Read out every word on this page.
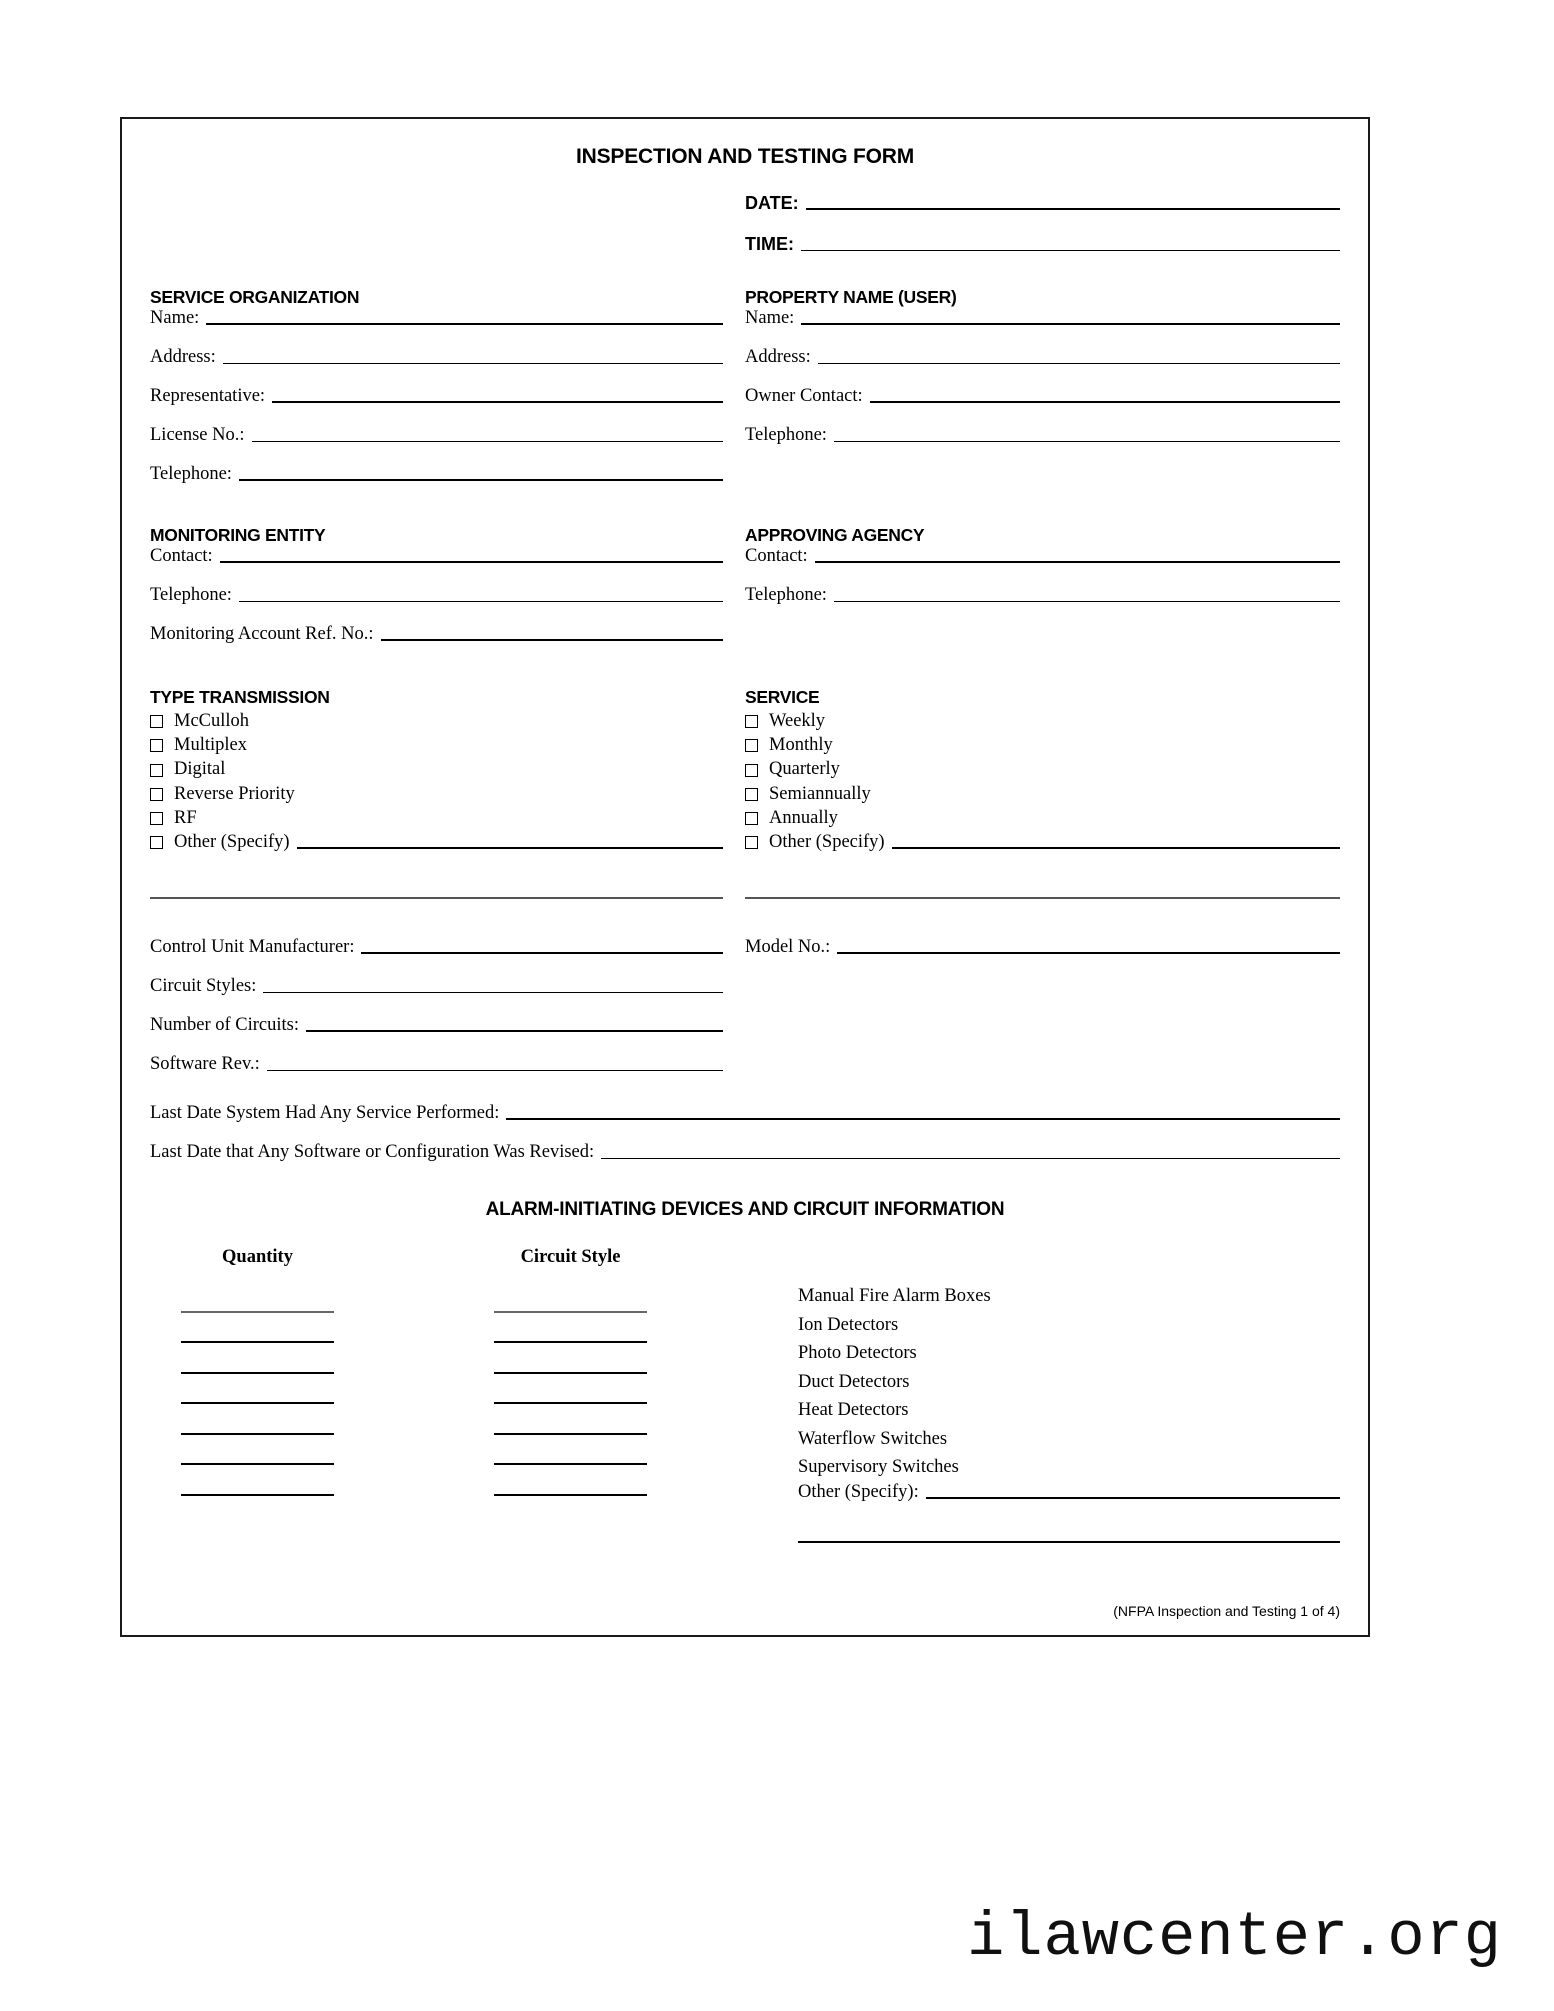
INSPECTION AND TESTING FORM
DATE:
TIME:
SERVICE ORGANIZATION
Name:
Address:
Representative:
License No.:
Telephone:
PROPERTY NAME (USER)
Name:
Address:
Owner Contact:
Telephone:
MONITORING ENTITY
Contact:
Telephone:
Monitoring Account Ref. No.:
APPROVING AGENCY
Contact:
Telephone:
TYPE TRANSMISSION
McCulloh
Multiplex
Digital
Reverse Priority
RF
Other (Specify)
SERVICE
Weekly
Monthly
Quarterly
Semiannually
Annually
Other (Specify)
Control Unit Manufacturer:
Circuit Styles:
Number of Circuits:
Software Rev.:
Model No.:
Last Date System Had Any Service Performed:
Last Date that Any Software or Configuration Was Revised:
ALARM-INITIATING DEVICES AND CIRCUIT INFORMATION
Quantity	Circuit Style
Manual Fire Alarm Boxes
Ion Detectors
Photo Detectors
Duct Detectors
Heat Detectors
Waterflow Switches
Supervisory Switches
Other (Specify):
(NFPA Inspection and Testing 1 of 4)
ilawcenter.org
